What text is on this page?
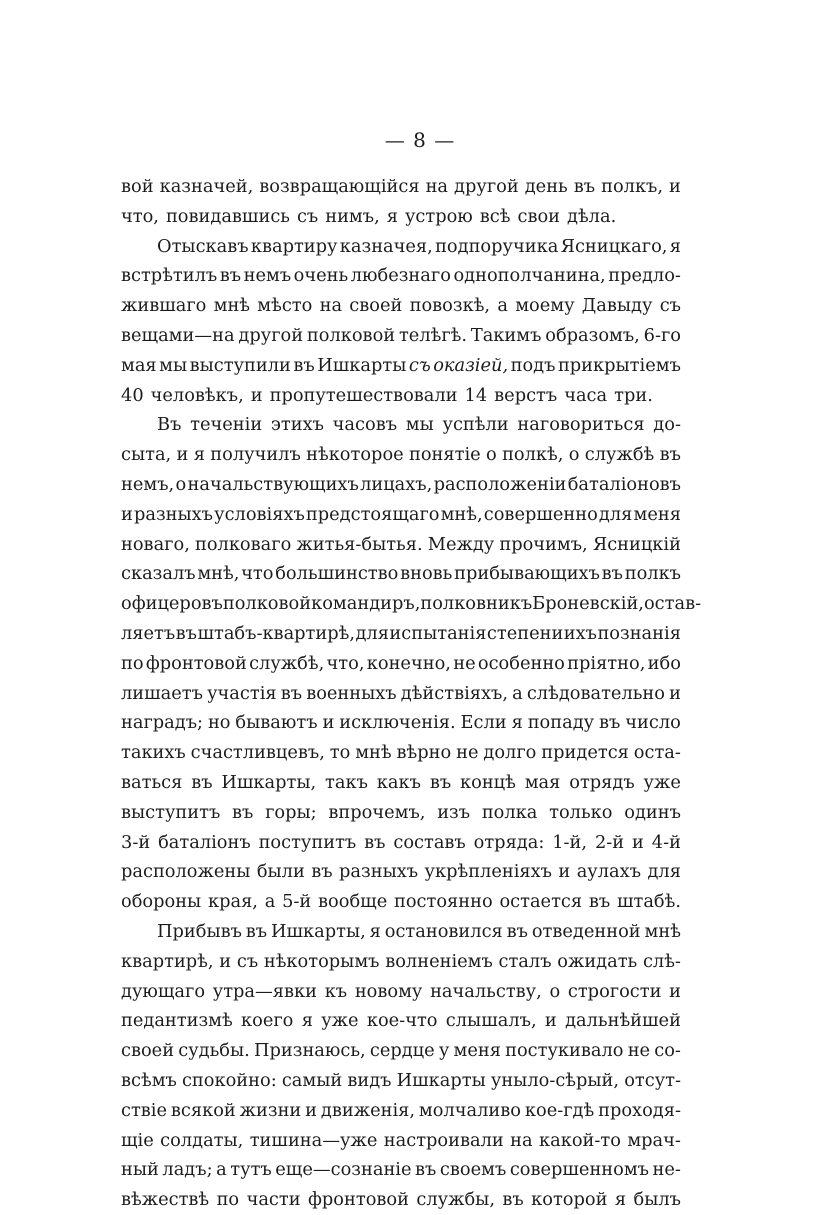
— 8 —
вой казначей, возвращающійся на другой день въ полкъ, и
что, повидавшись съ нимъ, я устрою всѣ свои дѣла.
Отыскавъ квартиру казначея, подпоручика Ясницкаго, я
встрѣтилъ въ немъ очень любезнаго однополчанина, предло-
жившаго мнѣ мѣсто на своей повозкѣ, а моему Давыду съ
вещами—на другой полковой телѣгѣ. Такимъ образомъ, 6-го
мая мы выступили въ Ишкарты съ оказіей, подъ прикрытіемъ
40 человѣкъ, и пропутешествовали 14 верстъ часа три.
Въ теченіи этихъ часовъ мы успѣли наговориться до-
сыта, и я получилъ нѣкоторое понятіе о полкѣ, о службѣ въ
немъ, о начальствующихъ лицахъ, расположеніи баталіоновъ
и разныхъ условіяхъ предстоящаго мнѣ, совершенно для меня
новаго, полковаго житья-бытья. Между прочимъ, Ясницкій
сказалъ мнѣ, что большинство вновь прибывающихъ въ полкъ
офицеровъ полковой командиръ, полковникъ Броневскій, остав-
ляетъ въ штабъ-квартирѣ, для испытанія степени ихъ познанія
по фронтовой службѣ, что, конечно, не особенно пріятно, ибо
лишаетъ участія въ военныхъ дѣйствіяхъ, а слѣдовательно и
наградъ; но бываютъ и исключенія. Если я попаду въ число
такихъ счастливцевъ, то мнѣ вѣрно не долго придется оста-
ваться въ Ишкарты, такъ какъ въ концѣ мая отрядъ уже
выступитъ въ горы; впрочемъ, изъ полка только одинъ
3-й баталіонъ поступитъ въ составъ отряда: 1-й, 2-й и 4-й
расположены были въ разныхъ укрѣпленіяхъ и аулахъ для
обороны края, а 5-й вообще постоянно остается въ штабѣ.
Прибывъ въ Ишкарты, я остановился въ отведенной мнѣ
квартирѣ, и съ нѣкоторымъ волненіемъ сталъ ожидать слѣ-
дующаго утра—явки къ новому начальству, о строгости и
педантизмѣ коего я уже кое-что слышалъ, и дальнѣйшей
своей судьбы. Признаюсь, сердце у меня постукивало не со-
всѣмъ спокойно: самый видъ Ишкарты уныло-сѣрый, отсут-
ствіе всякой жизни и движенія, молчаливо кое-гдѣ проходя-
щіе солдаты, тишина—уже настроивали на какой-то мрач-
ный ладъ; а тутъ еще—сознаніе въ своемъ совершенномъ не-
вѣжествѣ по части фронтовой службы, въ которой я былъ
